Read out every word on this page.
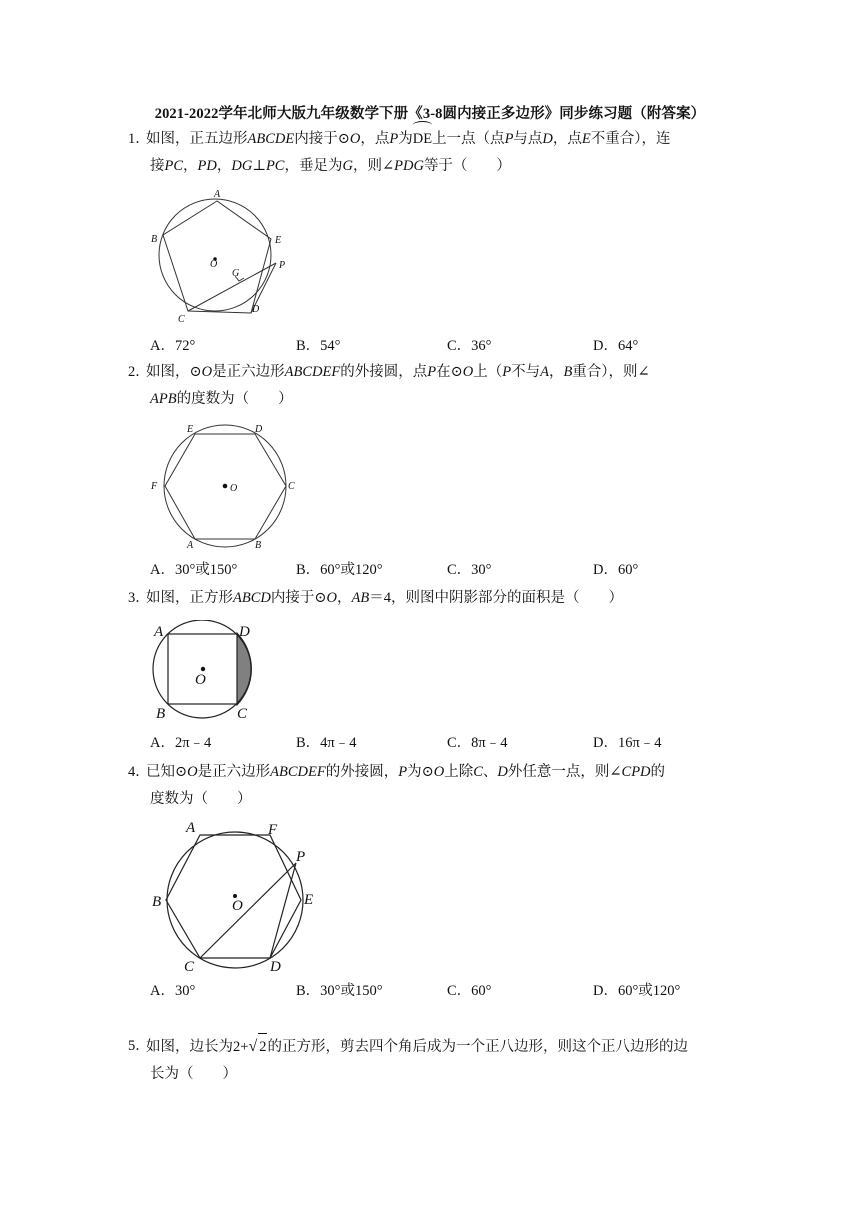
2021-2022学年北师大版九年级数学下册《3-8圆内接正多边形》同步练习题（附答案）
1．
如图，正五边形ABCDE内接于⊙O，点P为DE上一点（点P与点D，点E不重合），连
接PC，PD，DG⊥PC，垂足为G，则∠PDG等于（　　）
A
B
C
D
E
P
G
O
A．72°	B．54°	C．36°	D．64°
2．
如图，⊙O是正六边形ABCDEF的外接圆，点P在⊙O上（P不与A，B重合），则∠
APB的度数为（　　）
E	D
F	C
A	B
O
A．30°或150°	B．60°或120°	C．30°	D．60°
3．
如图，正方形ABCD内接于⊙O，AB＝4，则图中阴影部分的面积是（　　）
A	D
B	C
O
A．2π﹣4	B．4π﹣4	C．8π﹣4	D．16π﹣4
4．
已知⊙O是正六边形ABCDEF的外接圆，P为⊙O上除C、D外任意一点，则∠CPD的
度数为（　　）
A	F
P
B	E
C	D
O
A．30°	B．30°或150°	C．60°	D．60°或120°
5．
如图，边长为2+√ 2的正方形，剪去四个角后成为一个正八边形，则这个正八边形的边
长为（　　）
